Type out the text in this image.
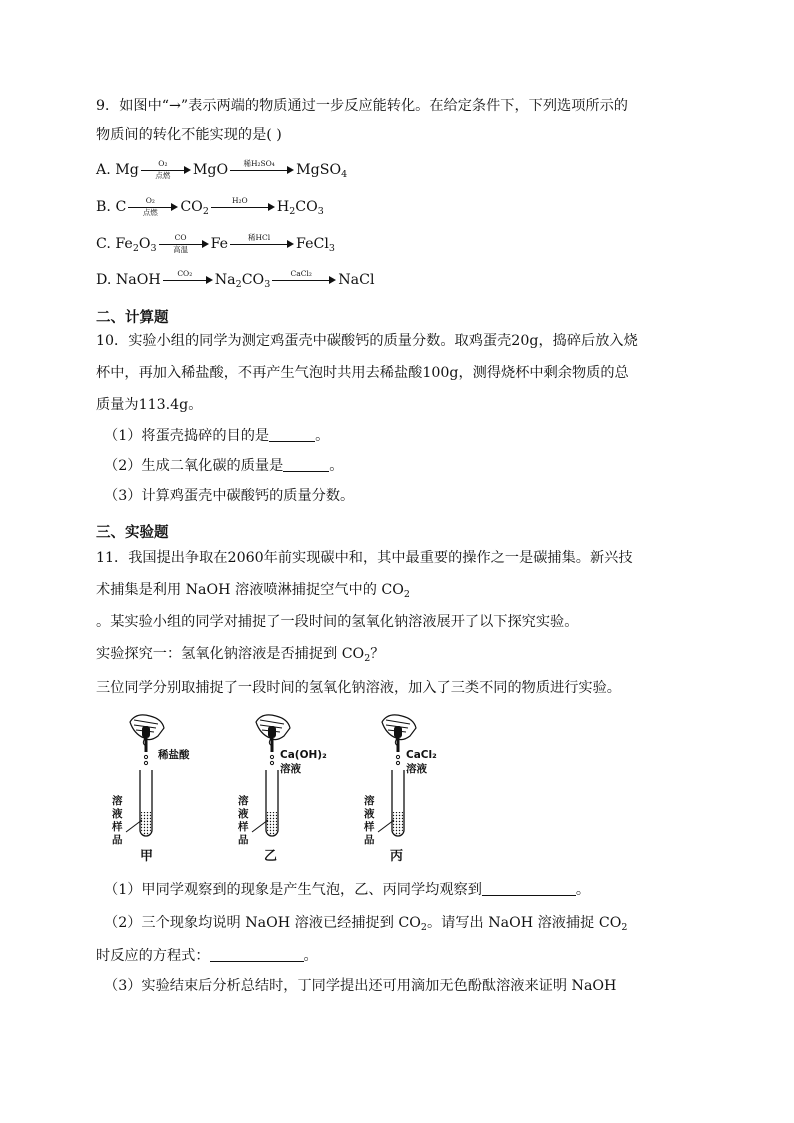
9．如图中“→”表示两端的物质通过一步反应能转化。在给定条件下，下列选项所示的
物质间的转化不能实现的是( )
A. Mg	O₂
点燃	MgO	稀H₂SO₄	MgSO$_4$
B. C	O₂
点燃	$CO_2$
H₂O	$H_2CO_3$
C. $Fe_2O_3$
CO
高温	Fe	稀HCl	FeCl$_3$
D. NaOH	CO₂	$Na_2CO_3$
CaCl₂	NaCl
二、计算题
10．实验小组的同学为测定鸡蛋壳中碳酸钙的质量分数。取鸡蛋壳20g，捣碎后放入烧
杯中，再加入稀盐酸，不再产生气泡时共用去稀盐酸100g，测得烧杯中剩余物质的总
质量为113.4g。
（1）将蛋壳捣碎的目的是	。
（2）生成二氧化碳的质量是	。
（3）计算鸡蛋壳中碳酸钙的质量分数。
三、实验题
11．我国提出争取在2060年前实现碳中和，其中最重要的操作之一是碳捕集。新兴技
术捕集是利用 NaOH 溶液喷淋捕捉空气中的 $CO_2$
。某实验小组的同学对捕捉了一段时间的氢氧化钠溶液展开了以下探究实验。
实验探究一：氢氧化钠溶液是否捕捉到 $CO_2$？
三位同学分别取捕捉了一段时间的氢氧化钠溶液，加入了三类不同的物质进行实验。
稀盐酸
溶
液
样
品
甲
Ca(OH)₂
溶液
溶
液
样
品
乙
CaCl₂
溶液
溶
液
样
品
丙
（1）甲同学观察到的现象是产生气泡，乙、丙同学均观察到	。
（2）三个现象均说明 NaOH 溶液已经捕捉到 $CO_2$。请写出 NaOH 溶液捕捉 $CO_2$
时反应的方程式：	。
（3）实验结束后分析总结时，丁同学提出还可用滴加无色酚酞溶液来证明 NaOH
